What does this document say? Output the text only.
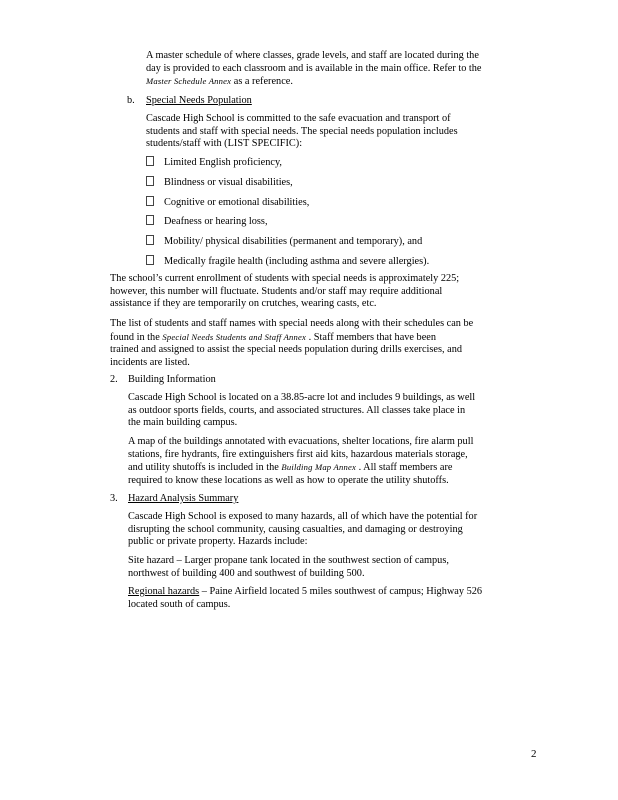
A master schedule of where classes, grade levels, and staff are located during the
day is provided to each classroom and is available in the main office. Refer to the
Master Schedule Annex as a reference.
b. Special Needs Population
Cascade High School is committed to the safe evacuation and transport of
students and staff with special needs. The special needs population includes
students/staff with (LIST SPECIFIC):
Limited English proficiency,
Blindness or visual disabilities,
Cognitive or emotional disabilities,
Deafness or hearing loss,
Mobility/ physical disabilities (permanent and temporary), and
Medically fragile health (including asthma and severe allergies).
The school’s current enrollment of students with special needs is approximately 225;
however, this number will fluctuate. Students and/or staff may require additional
assistance if they are temporarily on crutches, wearing casts, etc.
The list of students and staff names with special needs along with their schedules can be
found in the Special Needs Students and Staff Annex . Staff members that have been
trained and assigned to assist the special needs population during drills exercises, and
incidents are listed.
2. Building Information
Cascade High School is located on a 38.85-acre lot and includes 9 buildings, as well
as outdoor sports fields, courts, and associated structures. All classes take place in
the main building campus.
A map of the buildings annotated with evacuations, shelter locations, fire alarm pull
stations, fire hydrants, fire extinguishers first aid kits, hazardous materials storage,
and utility shutoffs is included in the Building Map Annex . All staff members are
required to know these locations as well as how to operate the utility shutoffs.
3. Hazard Analysis Summary
Cascade High School is exposed to many hazards, all of which have the potential for
disrupting the school community, causing casualties, and damaging or destroying
public or private property. Hazards include:
Site hazard – Larger propane tank located in the southwest section of campus,
northwest of building 400 and southwest of building 500.
Regional hazards – Paine Airfield located 5 miles southwest of campus; Highway 526
located south of campus.
2
